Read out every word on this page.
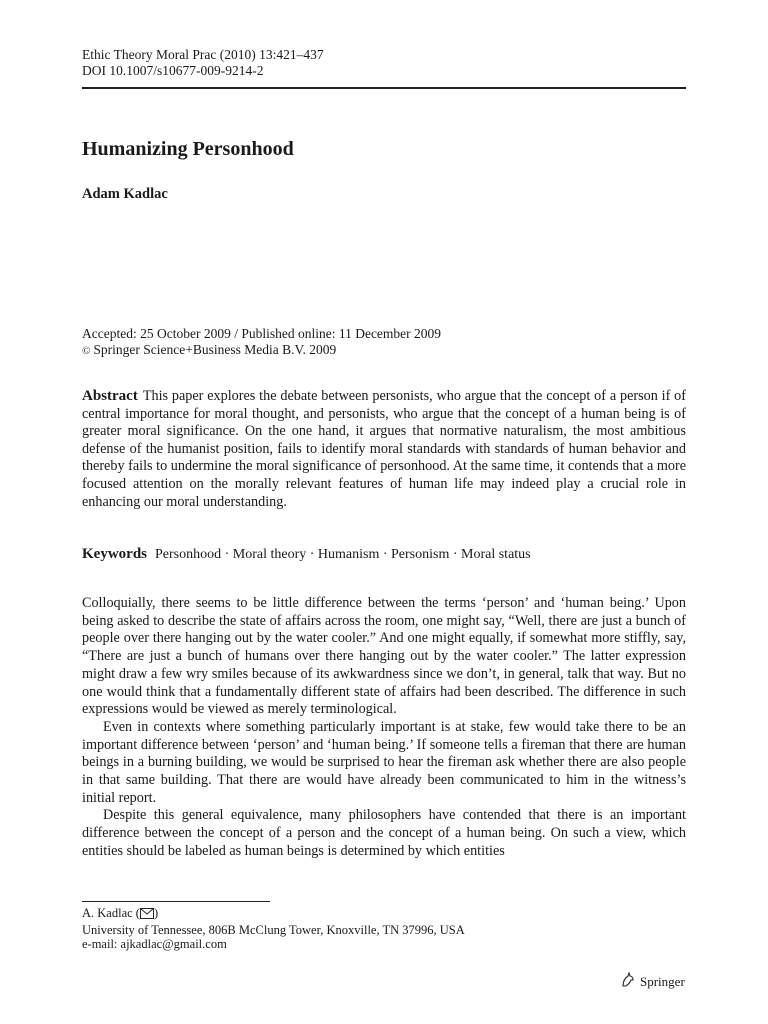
Ethic Theory Moral Prac (2010) 13:421–437
DOI 10.1007/s10677-009-9214-2
Humanizing Personhood
Adam Kadlac
Accepted: 25 October 2009 / Published online: 11 December 2009
© Springer Science+Business Media B.V. 2009
Abstract This paper explores the debate between personists, who argue that the concept of a person if of central importance for moral thought, and personists, who argue that the concept of a human being is of greater moral significance. On the one hand, it argues that normative naturalism, the most ambitious defense of the humanist position, fails to identify moral standards with standards of human behavior and thereby fails to undermine the moral significance of personhood. At the same time, it contends that a more focused attention on the morally relevant features of human life may indeed play a crucial role in enhancing our moral understanding.
Keywords Personhood · Moral theory · Humanism · Personism · Moral status

Colloquially, there seems to be little difference between the terms ‘person’ and ‘human being.’ Upon being asked to describe the state of affairs across the room, one might say, “Well, there are just a bunch of people over there hanging out by the water cooler.” And one might equally, if somewhat more stiffly, say, “There are just a bunch of humans over there hanging out by the water cooler.” The latter expression might draw a few wry smiles because of its awkwardness since we don’t, in general, talk that way. But no one would think that a fundamentally different state of affairs had been described. The difference in such expressions would be viewed as merely terminological.

Even in contexts where something particularly important is at stake, few would take there to be an important difference between ‘person’ and ‘human being.’ If someone tells a fireman that there are human beings in a burning building, we would be surprised to hear the fireman ask whether there are also people in that same building. That there are would have already been communicated to him in the witness’s initial report.

Despite this general equivalence, many philosophers have contended that there is an important difference between the concept of a person and the concept of a human being. On such a view, which entities should be labeled as human beings is determined by which entities

A. Kadlac ( )
University of Tennessee, 806B McClung Tower, Knoxville, TN 37996, USA
e-mail: ajkadlac@gmail.com
Springer
